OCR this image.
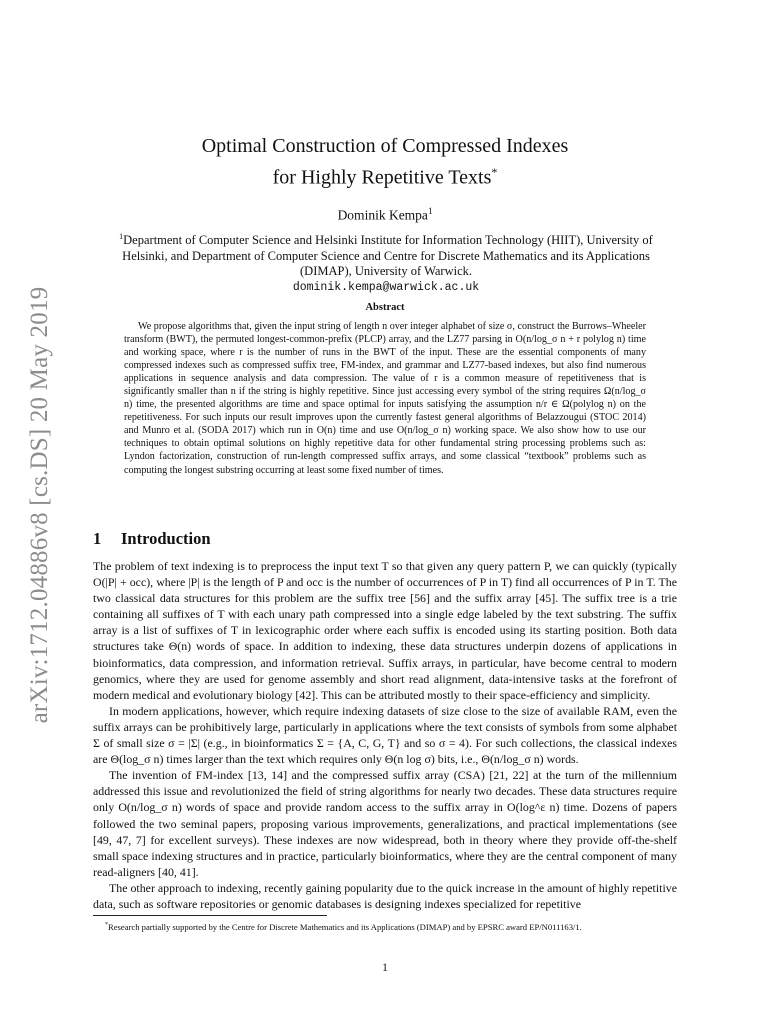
arXiv:1712.04886v8 [cs.DS] 20 May 2019
Optimal Construction of Compressed Indexes
for Highly Repetitive Texts*
Dominik Kempa$^1$
$^1$Department of Computer Science and Helsinki Institute for Information Technology (HIIT), University of Helsinki, and Department of Computer Science and Centre for Discrete Mathematics and its Applications (DIMAP), University of Warwick.
dominik.kempa@warwick.ac.uk
Abstract

We propose algorithms that, given the input string of length n over integer alphabet of size σ, construct the Burrows–Wheeler transform (BWT), the permuted longest-common-prefix (PLCP) array, and the LZ77 parsing in O(n/log_σ n + r polylog n) time and working space, where r is the number of runs in the BWT of the input. These are the essential components of many compressed indexes such as compressed suffix tree, FM-index, and grammar and LZ77-based indexes, but also find numerous applications in sequence analysis and data compression. The value of r is a common measure of repetitiveness that is significantly smaller than n if the string is highly repetitive. Since just accessing every symbol of the string requires Ω(n/log_σ n) time, the presented algorithms are time and space optimal for inputs satisfying the assumption n/r ∈ Ω(polylog n) on the repetitiveness. For such inputs our result improves upon the currently fastest general algorithms of Belazzougui (STOC 2014) and Munro et al. (SODA 2017) which run in O(n) time and use O(n/log_σ n) working space. We also show how to use our techniques to obtain optimal solutions on highly repetitive data for other fundamental string processing problems such as: Lyndon factorization, construction of run-length compressed suffix arrays, and some classical “textbook” problems such as computing the longest substring occurring at least some fixed number of times.

1 Introduction

The problem of text indexing is to preprocess the input text T so that given any query pattern P, we can quickly (typically O(|P| + occ), where |P| is the length of P and occ is the number of occurrences of P in T) find all occurrences of P in T. The two classical data structures for this problem are the suffix tree [56] and the suffix array [45]. The suffix tree is a trie containing all suffixes of T with each unary path compressed into a single edge labeled by the text substring. The suffix array is a list of suffixes of T in lexicographic order where each suffix is encoded using its starting position. Both data structures take Θ(n) words of space. In addition to indexing, these data structures underpin dozens of applications in bioinformatics, data compression, and information retrieval. Suffix arrays, in particular, have become central to modern genomics, where they are used for genome assembly and short read alignment, data-intensive tasks at the forefront of modern medical and evolutionary biology [42]. This can be attributed mostly to their space-efficiency and simplicity.

In modern applications, however, which require indexing datasets of size close to the size of available RAM, even the suffix arrays can be prohibitively large, particularly in applications where the text consists of symbols from some alphabet Σ of small size σ = |Σ| (e.g., in bioinformatics Σ = {A, C, G, T} and so σ = 4). For such collections, the classical indexes are Θ(log_σ n) times larger than the text which requires only Θ(n log σ) bits, i.e., Θ(n/log_σ n) words.

The invention of FM-index [13, 14] and the compressed suffix array (CSA) [21, 22] at the turn of the millennium addressed this issue and revolutionized the field of string algorithms for nearly two decades. These data structures require only O(n/log_σ n) words of space and provide random access to the suffix array in O(log^ε n) time. Dozens of papers followed the two seminal papers, proposing various improvements, generalizations, and practical implementations (see [49, 47, 7] for excellent surveys). These indexes are now widespread, both in theory where they provide off-the-shelf small space indexing structures and in practice, particularly bioinformatics, where they are the central component of many read-aligners [40, 41].

The other approach to indexing, recently gaining popularity due to the quick increase in the amount of highly repetitive data, such as software repositories or genomic databases is designing indexes specialized for repetitive

*Research partially supported by the Centre for Discrete Mathematics and its Applications (DIMAP) and by EPSRC award EP/N011163/1.
1
